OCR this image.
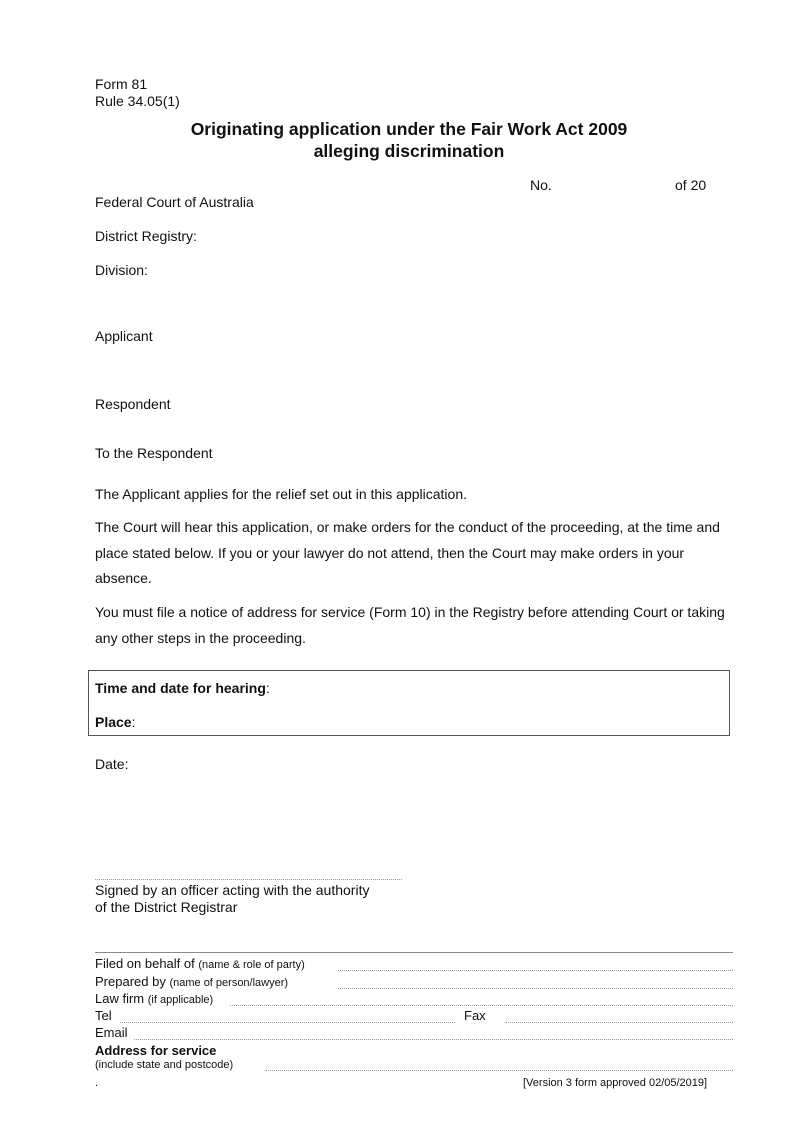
Form 81
Rule 34.05(1)
Originating application under the Fair Work Act 2009
alleging discrimination
No.	of 20
Federal Court of Australia
District Registry:
Division:
Applicant
Respondent
To the Respondent
The Applicant applies for the relief set out in this application.
The Court will hear this application, or make orders for the conduct of the proceeding, at the time and place stated below. If you or your lawyer do not attend, then the Court may make orders in your absence.
You must file a notice of address for service (Form 10) in the Registry before attending Court or taking any other steps in the proceeding.
Time and date for hearing:
Place:
Date:
Signed by an officer acting with the authority
of the District Registrar
Filed on behalf of (name & role of party)
Prepared by (name of person/lawyer)
Law firm (if applicable)
Tel	Fax
Email
Address for service
(include state and postcode)
.	[Version 3 form approved 02/05/2019]
